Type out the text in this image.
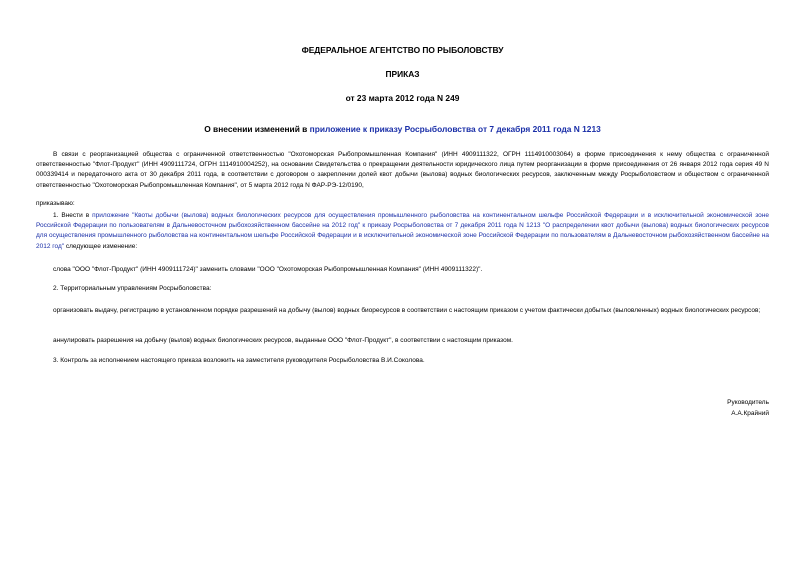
ФЕДЕРАЛЬНОЕ АГЕНТСТВО ПО РЫБОЛОВСТВУ
ПРИКАЗ
от 23 марта 2012 года N 249
О внесении изменений в приложение к приказу Росрыболовства от 7 декабря 2011 года N 1213

В связи с реорганизацией общества с ограниченной ответственностью "Охотоморская Рыбопромышленная Компания" (ИНН 4909111322, ОГРН 1114910003064) в форме присоединения к нему общества с ограниченной ответственностью "Флот-Продукт" (ИНН 4909111724, ОГРН 1114910004252), на основании Свидетельства о прекращении деятельности юридического лица путем реорганизации в форме присоединения от 26 января 2012 года серия 49 N 000339414 и передаточного акта от 30 декабря 2011 года, в соответствии с договором о закреплении долей квот добычи (вылова) водных биологических ресурсов, заключенным между Росрыболовством и обществом с ограниченной ответственностью "Охотоморская Рыбопромышленная Компания", от 5 марта 2012 года N ФАР-РЭ-12/0190,

приказываю:

1. Внести в приложение "Квоты добычи (вылова) водных биологических ресурсов для осуществления промышленного рыболовства на континентальном шельфе Российской Федерации и в исключительной экономической зоне Российской Федерации по пользователям в Дальневосточном рыбохозяйственном бассейне на 2012 год" к приказу Росрыболовства от 7 декабря 2011 года N 1213 "О распределении квот добычи (вылова) водных биологических ресурсов для осуществления промышленного рыболовства на континентальном шельфе Российской Федерации и в исключительной экономической зоне Российской Федерации по пользователям в Дальневосточном рыбохозяйственном бассейне на 2012 год" следующее изменение:

слова "ООО "Флот-Продукт" (ИНН 4909111724)" заменить словами "ООО "Охотоморская Рыбопромышленная Компания" (ИНН 4909111322)".

2. Территориальным управлениям Росрыболовства:

организовать выдачу, регистрацию в установленном порядке разрешений на добычу (вылов) водных биоресурсов в соответствии с настоящим приказом с учетом фактически добытых (выловленных) водных биологических ресурсов;

аннулировать разрешения на добычу (вылов) водных биологических ресурсов, выданные ООО "Флот-Продукт", в соответствии с настоящим приказом.

3. Контроль за исполнением настоящего приказа возложить на заместителя руководителя Росрыболовства В.И.Соколова.

Руководитель
А.А.Крайний
